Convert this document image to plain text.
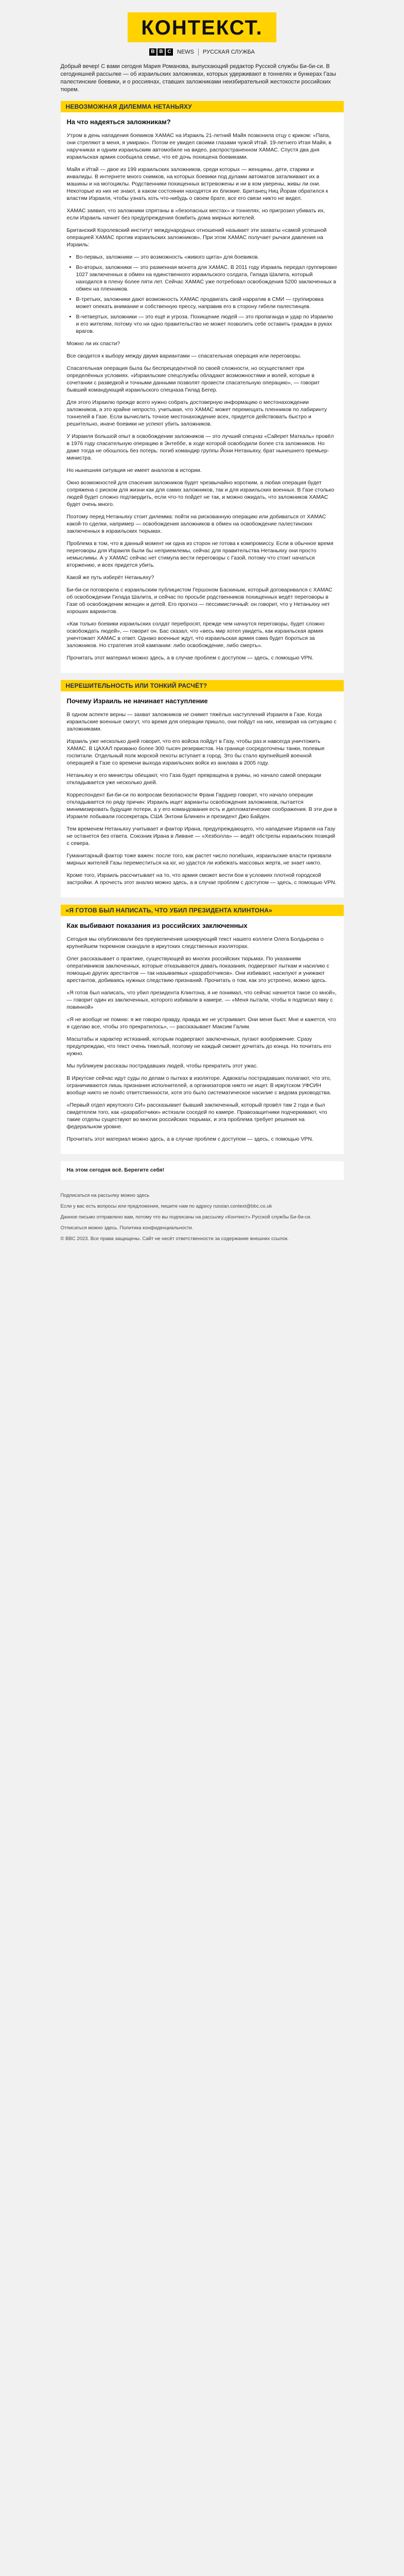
КОНТЕКСТ.
B B C	NEWS РУССКАЯ СЛУЖБА

Добрый вечер! С вами сегодня Мария Романова, выпускающий редактор Русской службы Би-би-си. В сегодняшней рассылке — об израильских заложниках, которых удерживают в тоннелях и бункерах Газы палестинские боевики, и о россиянах, ставших заложниками неизбирательной жестокости российских тюрем.

НЕВОЗМОЖНАЯ ДИЛЕММА НЕТАНЬЯХУ
На что надеяться заложникам?

Утром в день нападения боевиков ХАМАС на Израиль 21-летний Майя позвонила отцу с криком: «Папа, они стреляют в меня, я умираю». Потом ее увидел своими глазами чужой Итай. 19-летнего Итая Майя, в наручниках и одним израильским автомобиле на видео, распространенном ХАМАС. Спустя два дня израильская армия сообщила семье, что её дочь похищена боевиками.

Майя и Итай — двое из 199 израильских заложников, среди которых — женщины, дети, старики и инвалиды. В интернете много снимков, на которых боевики под дулами автоматов заталкивают их в машины и на мотоциклы. Родственники похищенных встревожены и ни в ком уверены, живы ли они. Некоторые из них не знают, в каком состоянии находятся их близкие. Британец Ниц Йорам обратился к властям Израиля, чтобы узнать хоть что-нибудь о своем брате, все его связи никто не видел.

ХАМАС заявил, что заложники спрятаны в «безопасных местах» и тоннелях, но пригрозил убивать их, если Израиль начнет без предупреждения бомбить дома мирных жителей.

Британский Королевский институт международных отношений называет эти захваты «самой успешной операцией ХАМАС против израильских заложников». При этом ХАМАС получает рычаги давления на Израиль:

• Во-первых, заложники — это возможность «живого щита» для боевиков.
• Во-вторых, заложники — это разменная монета для ХАМАС. В 2011 году Израиль передал группировке 1027 заключенных в обмен на единственного израильского солдата, Гилада Шалита, который находился в плену более пяти лет. Сейчас ХАМАС уже потребовал освобождения 5200 заключенных в обмен на пленников.
• В-третьих, заложники дают возможность ХАМАС продвигать свой нарратив в СМИ — группировка может опекать внимание и собственную прессу, направив его в сторону гибели палестинцев.
• В-четвертых, заложники — это ещё и угроза. Похищение людей — это пропаганда и удар по Израилю и его жителям, потому что ни одно правительство не может позволить себе оставить граждан в руках врагов.

Можно ли их спасти?

Все сводится к выбору между двумя вариантами — спасательная операция или переговоры.

Спасательная операция была бы беспрецедентной по своей сложности, но осуществляет при определённых условиях. «Израильские спецслужбы обладают возможностями и волей, которые в сочетании с разведкой и точными данными позволят провести спасательную операцию», — говорит бывший командующий израильского спецназа Гилад Бегер.

Для этого Израилю прежде всего нужно собрать достоверную информацию о местонахождении заложников, а это крайне непросто, учитывая, что ХАМАС может перемещать пленников по лабиринту тоннелей в Газе. Если вычислить точное местонахождение всех, придется действовать быстро и решительно, иначе боевики не успеют убить заложников.

У Израиля большой опыт в освобождении заложников — это лучший спецназ «Сайерет Маткаль» провёл в 1976 году спасательную операцию в Энтеббе, в ходе которой освободили более ста заложников. Но даже тогда не обошлось без потерь: погиб командир группы Йони Нетаньяху, брат нынешнего премьер-министра.

Но нынешняя ситуация не имеет аналогов в истории.

Окно возможностей для спасения заложников будет чрезвычайно коротким, а любая операция будет сопряжена с риском для жизни как для самих заложников, так и для израильских военных. В Газе столько людей будет сложно подтвердить, если что-то пойдет не так, и можно ожидать, что заложников ХАМАС будет очень много.

Поэтому перед Нетаньяху стоит дилемма: пойти на рискованную операцию или добиваться от ХАМАС какой-то сделки, например — освобождения заложников в обмен на освобождение палестинских заключенных в израильских тюрьмах.

Проблема в том, что в данный момент ни одна из сторон не готова к компромиссу. Если в обычное время переговоры для Израиля были бы неприемлемы, сейчас для правительства Нетаньяху они просто немыслимы. А у ХАМАС сейчас нет стимула вести переговоры с Газой, потому что стоит начаться вторжению, и всех придется убить.

Какой же путь изберёт Нетаньяху?

Би-би-си поговорила с израильским публицистом Гершоном Баскиным, который договаривался с ХАМАС об освобождении Гилада Шалита, и сейчас по просьбе родственников похищенных ведёт переговоры в Газе об освобождении женщин и детей. Его прогноз — пессимистичный: он говорит, что у Нетаньяху нет хороших вариантов.

«Как только боевики израильских солдат перебросят, прежде чем начнутся переговоры, будет сложно освобождать людей», — говорит он. Бас сказал, что «весь мир хотел увидеть, как израильская армия уничтожает ХАМАС в ответ. Однако военные ждут, что израильская армия сама будет бороться за заложников. Но стратегия этой кампании: либо освобождение, либо смерть».

Прочитать этот материал можно здесь, а в случае проблем с доступом — здесь, с помощью VPN.

НЕРЕШИТЕЛЬНОСТЬ ИЛИ ТОНКИЙ РАСЧЁТ?
Почему Израиль не начинает наступление

В одном аспекте верны — захват заложников не снимет тяжёлых наступлений Израиля в Газе. Когда израильские военные смогут, что время для операции пришло, они пойдут на них, невзирая на ситуацию с заложниками.

Израиль уже несколько дней говорит, что его войска пойдут в Газу, чтобы раз и навсегда уничтожить ХАМАС. В ЦАХАЛ призвано более 300 тысяч резервистов. На границе сосредоточены танки, полевые госпитали. Отдельный полк морской пехоты вступает в город. Это бы стало крупнейшей военной операцией в Газе со времени выхода израильских войск из анклава в 2005 году.

Нетаньяху и его министры обещают, что Газа будет превращена в руины, но начало самой операции откладывается уже несколько дней.

Корреспондент Би-би-си по вопросам безопасности Франк Гарднер говорит, что начало операции откладывается по ряду причин: Израиль ищет варианты освобождения заложников, пытается минимизировать будущие потери, а у его командования есть и дипломатические соображения. В эти дни в Израиле побывали госсекретарь США Энтони Блинкен и президент Джо Байден.

Тем временем Нетаньяху учитывает и фактор Ирана, предупреждающего, что нападение Израиля на Газу не останется без ответа. Союзник Ирана в Ливане — «Хезболла» — ведёт обстрелы израильских позиций с севера.

Гуманитарный фактор тоже важен: после того, как растет число погибших, израильские власти призвали мирных жителей Газы переместиться на юг, но удастся ли избежать массовых жертв, не знает никто.

Кроме того, Израиль рассчитывает на то, что армия сможет вести бои в условиях плотной городской застройки. А прочесть этот анализ можно здесь, а в случае проблем с доступом — здесь, с помощью VPN.

«Я ГОТОВ БЫЛ НАПИСАТЬ, ЧТО УБИЛ ПРЕЗИДЕНТА КЛИНТОНА»
Как выбивают показания из российских заключенных

Сегодня мы опубликовали без преувеличения шокирующий текст нашего коллеги Олега Болдырева о крупнейшем тюремном скандале в иркутских следственных изоляторах.

Олег рассказывает о практике, существующей во многих российских тюрьмах. По указаниям оперативников заключенных, которые отказываются давать показания, подвергают пыткам и насилию с помощью других арестантов — так называемых «разработчиков». Они избивают, насилуют и унижают арестантов, добиваясь нужных следствию признаний. Прочитать о том, как это устроено, можно здесь.

«Я готов был написать, что убил президента Клинтона, я не понимал, что сейчас начнется такое со мной», — говорит один из заключенных, которого избивали в камере. — «Меня пытали, чтобы я подписал явку с повинной»

«Я не вообще не помню: я же говорю правду, правда же не устраивает. Они меня бьют. Мне и кажется, что я сделаю все, чтобы это прекратилось», — рассказывает Максим Галим.

Масштабы и характер истязаний, которым подвергают заключенных, пугают воображение. Сразу предупреждаю, что текст очень тяжелый, поэтому не каждый сможет дочитать до конца. Но почитать его нужно.

Мы публикуем рассказы пострадавших людей, чтобы прекратить этот ужас.

В Иркутске сейчас идут суды по делам о пытках в изоляторе. Адвокаты пострадавших полагают, что это, ограничиваются лишь признания исполнителей, а организаторов никто не ищет. В иркутском УФСИН вообще никто не понёс ответственности, хотя это было систематическое насилие с ведома руководства.

«Первый отдел иркутского СИ» рассказывает бывший заключенный, который провёл там 2 года и был свидетелем того, как «разработчики» истязали соседей по камере. Правозащитники подчеркивают, что такие отделы существуют во многих российских тюрьмах, и эта проблема требует решения на федеральном уровне.

Прочитать этот материал можно здесь, а в случае проблем с доступом — здесь, с помощью VPN.

На этом сегодня всё. Берегите себя!

Подписаться на рассылку можно здесь

Если у вас есть вопросы или предложения, пишите нам по адресу russian.context@bbc.co.uk

Данное письмо отправлено вам, потому что вы подписаны на рассылку «Контекст» Русской службы Би-би-си.

Отписаться можно здесь. Политика конфиденциальности.

© BBC 2023. Все права защищены. Сайт не несёт ответственности за содержание внешних ссылок.
